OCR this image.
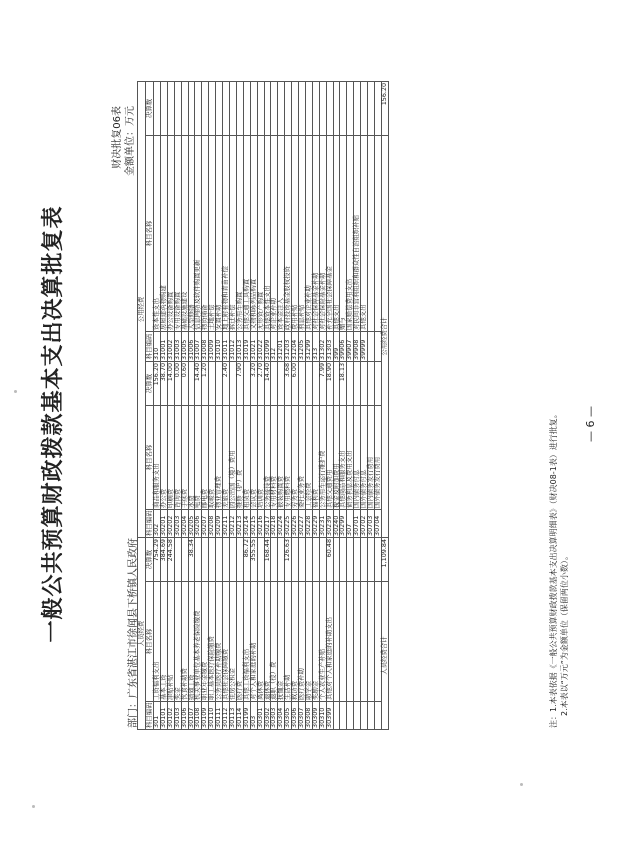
一般公共预算财政拨款基本支出决算批复表
财决批复06表 金额单位：万元
部门：广东省湛江市徐闻县下桥镇人民政府
人员经费			公用经费					
科目编码	科目名称	决算数	科目编码	科目名称	决算数	科目编码	科目名称	决算数
301	工资福利支出	754.29	302	商品和服务支出	156.20	310	资本性支出	
30101	基本工资	384.69	30201	办公费	38.70	31001	房屋建筑物购建	
30102	津贴补贴	244.58	30202	印刷费	14.00	31002	办公设备购置	
30103	奖金		30203	咨询费	0.00	31003	专用设备购置	
30106	伙食补助费		30204	手续费	0.60	31005	基础设施建设	
30107	绩效工资	38.34	30205	水费		31006	大型修缮	
30108	机关事业单位基本养老保险缴费		30206	电费	14.40	31007	信息网络及软件购置更新	
30109	职业年金缴费		30207	邮电费	1.20	31008	物资储备	
30110	职工基本医疗保险缴费		30208	取暖费		31009	土地补偿	
30111	公务员医疗补助缴费		30209	物业管理费		31010	安置补助	
30112	其他社会保障缴费		30211	差旅费	2.40	31011	地上附着物和青苗补偿	
30113	住房公积金		30212	因公出国（境）费用		31012	拆迁补偿	
30114	医疗费		30213	维修（护）费	7.90	31013	公务用车购置	
30199	其他工资福利支出	86.72	30214	租赁费		31019	其他交通工具购置	
303	对个人和家庭的补助	355.55	30215	会议费	3.20	31021	文物和陈列品购置	
30301	离休费		30216	培训费	2.70	31022	无形资产购置	
30302	退休费	168.44	30217	公务接待费	14.40	31099	其他资本性支出	
30303	退职（役）费		30218	专用材料费		312	对企业补助	
30304	抚恤金		30224	被装购置费		31201	资本金注入	
30305	生活补助	126.63	30225	专用燃料费	3.68	31203	政府投资基金股权投资	
30306	救济费		30226	劳务费	6.00	31204	费用补贴	
30307	医疗费补助		30227	委托业务费		31205	利息补贴	
30308	助学金		30228	工会经费		31299	其他对企业补助	
30309	奖励金		30229	福利费		313	对社会保障基金补助	
30310	个人农业生产补贴		30231	公务用车运行维护费	7.99	31302	对社会保险基金补助	
30399	其他对个人和家庭的补助支出	60.48	30239	其他交通费用	18.90	31303	补充全国社会保障基金	
			30240	税金及附加费用		399	其他支出	
			30299	其他商品和服务支出	18.13	39906	赠与	
			307	债务利息及费用支出		39907	国家赔偿费用支出	
			30701	国内债务付息		39908	对民间非营利组织和群众性自治组织补贴	
			30702	国外债务付息		39999	其他支出	
			30703	国内债务发行费用				
			30704	国外债务发行费用				
人员经费合计		1,109.84	公用经费合计					156.20
注：1.本表依据《一般公共预算财政拨款基本支出决算明细表》（财决08-1表）进行批复。 2.本表以“万元”为金额单位（保留两位小数）。
— 6 —
